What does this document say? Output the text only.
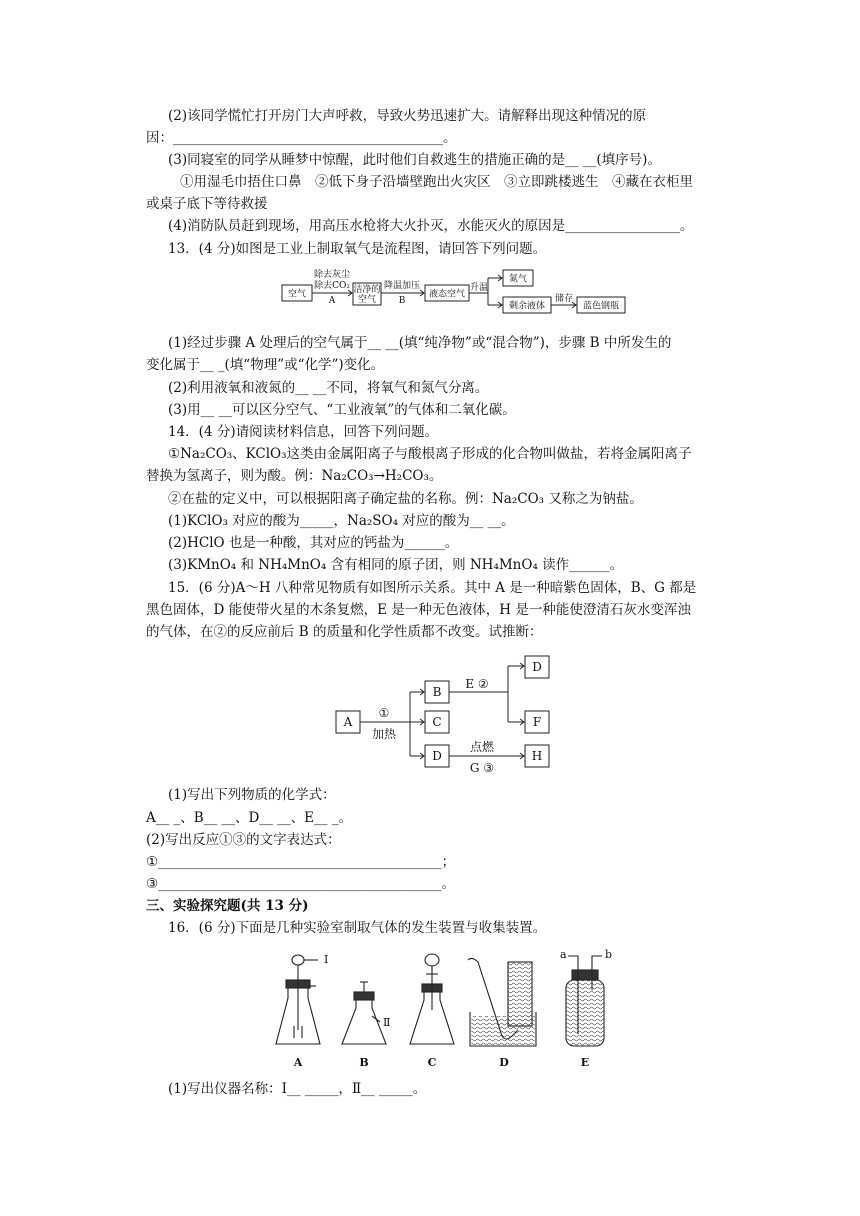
(2)该同学慌忙打开房门大声呼救，导致火势迅速扩大。请解释出现这种情况的原
因：________________________________________。
(3)同寝室的同学从睡梦中惊醒，此时他们自救逃生的措施正确的是__ __(填序号)。
①用湿毛巾捂住口鼻　②低下身子沿墙壁跑出火灾区　③立即跳楼逃生　④藏在衣柜里
或桌子底下等待救援
(4)消防队员赶到现场，用高压水枪将大火扑灭，水能灭火的原因是_________________。
13．(4 分)如图是工业上制取氧气是流程图，请回答下列问题。
空气
除去灰尘
除去CO₂
A
洁净的
空气
降温加压
B
液态空气
升温
氮气
剩余液体
储存
蓝色钢瓶
(1)经过步骤 A 处理后的空气属于__ __(填“纯净物”或“混合物”)，步骤 B 中所发生的
变化属于__ _(填“物理”或“化学”)变化。
(2)利用液氧和液氮的__ __不同，将氧气和氮气分离。
(3)用__ __可以区分空气、“工业液氧”的气体和二氧化碳。
14．(4 分)请阅读材料信息，回答下列问题。
①Na₂CO₃、KClO₃这类由金属阳离子与酸根离子形成的化合物叫做盐，若将金属阳离子
替换为氢离子，则为酸。例：Na₂CO₃→H₂CO₃。
②在盐的定义中，可以根据阳离子确定盐的名称。例：Na₂CO₃ 又称之为钠盐。
(1)KClO₃ 对应的酸为_____，Na₂SO₄ 对应的酸为__ __。
(2)HClO 也是一种酸，其对应的钙盐为______。
(3)KMnO₄ 和 NH₄MnO₄ 含有相同的原子团，则 NH₄MnO₄ 读作______。
15．(6 分)A～H 八种常见物质有如图所示关系。其中 A 是一种暗紫色固体，B、G 都是
黑色固体，D 能使带火星的木条复燃，E 是一种无色液体，H 是一种能使澄清石灰水变浑浊
的气体，在②的反应前后 B 的质量和化学性质都不改变。试推断：
A
B
C
D
D
F
H
①
加热
E ②
点燃
G ③
(1)写出下列物质的化学式：
A__ _、B__ __、D__ __、E__ _。
(2)写出反应①③的文字表达式：
①__________________________________________；
③__________________________________________。
三、实验探究题(共 13 分)
16．(6 分)下面是几种实验室制取气体的发生装置与收集装置。
Ⅰ
Ⅱ
a	b
A	B	C	D	E
(1)写出仪器名称：Ⅰ__ _____，Ⅱ__ _____。
